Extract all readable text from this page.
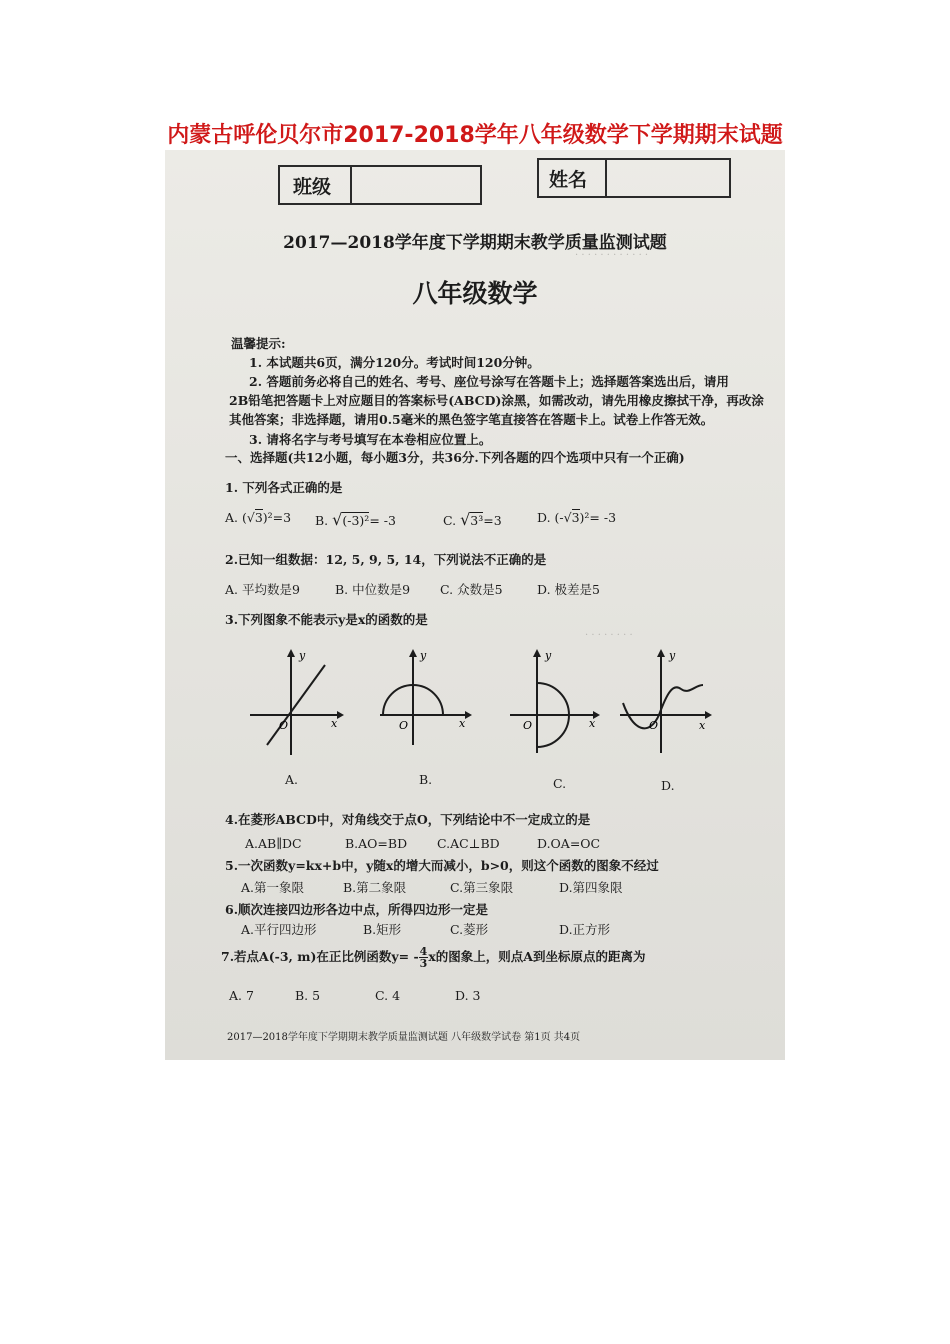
内蒙古呼伦贝尔市2017-2018学年八年级数学下学期期末试题
· · · · · · · · · · · ·
· · · · · · · ·
班级	姓名
2017—2018学年度下学期期末教学质量监测试题
八年级数学
温馨提示:
1. 本试题共6页，满分120分。考试时间120分钟。
2. 答题前务必将自己的姓名、考号、座位号涂写在答题卡上；选择题答案选出后，请用
2B铅笔把答题卡上对应题目的答案标号(ABCD)涂黑，如需改动，请先用橡皮擦拭干净，再改涂
其他答案；非选择题，请用0.5毫米的黑色签字笔直接答在答题卡上。试卷上作答无效。
3. 请将名字与考号填写在本卷相应位置上。
一、选择题(共12小题，每小题3分，共36分.下列各题的四个选项中只有一个正确)
1. 下列各式正确的是
A. (√3)²=3 B. √(-3)²= -3	C. √3³=3	D. (-√3)²= -3
2.已知一组数据：12, 5, 9, 5, 14，下列说法不正确的是
A. 平均数是9	B. 中位数是9 C. 众数是5	D. 极差是5
3.下列图象不能表示y是x的函数的是
y
x
O
y
x
O
y
x
O
y
x
O
A.	B.	C.	D.
4.在菱形ABCD中，对角线交于点O，下列结论中不一定成立的是
A.AB∥DC	B.AO=BD C.AC⊥BD	D.OA=OC
5.一次函数y=kx+b中，y随x的增大而减小，b>0，则这个函数的图象不经过
A.第一象限	B.第二象限	C.第三象限	D.第四象限
6.顺次连接四边形各边中点，所得四边形一定是
A.平行四边形	B.矩形	C.菱形	D.正方形
7.若点A(-3, m)在正比例函数$y= - \frac{4}{3}$ x的图象上，则点A到坐标原点的距离为
A. 7	B. 5	C. 4	D. 3
2017—2018学年度下学期期末教学质量监测试题 八年级数学试卷 第1页 共4页
